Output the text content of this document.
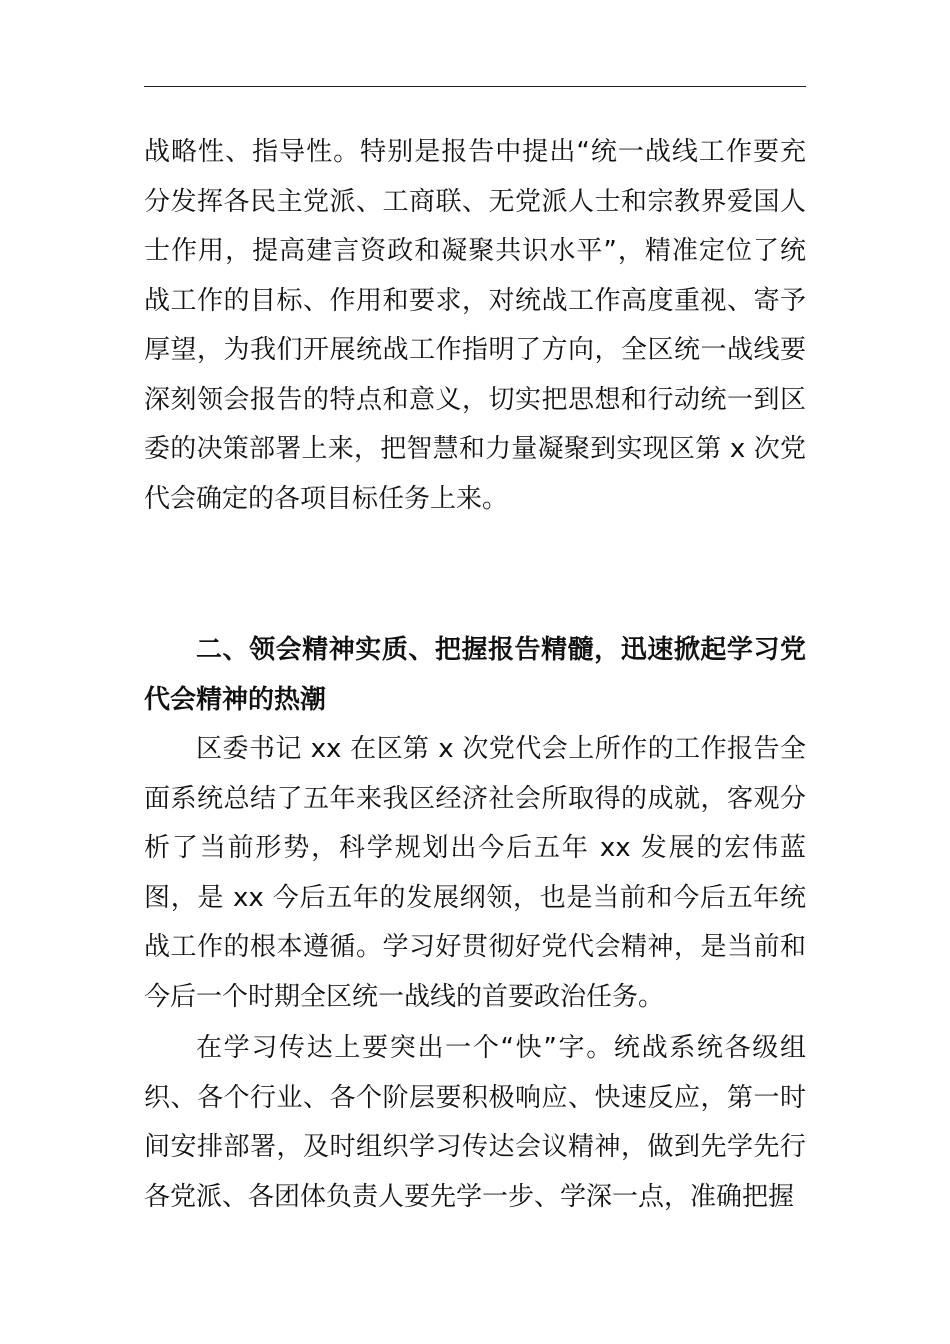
战略性、指导性。特别是报告中提出“统一战线工作要充分发挥各民主党派、工商联、无党派人士和宗教界爱国人士作用，提高建言资政和凝聚共识水平”，精准定位了统战工作的目标、作用和要求，对统战工作高度重视、寄予厚望，为我们开展统战工作指明了方向，全区统一战线要深刻领会报告的特点和意义，切实把思想和行动统一到区委的决策部署上来，把智慧和力量凝聚到实现区第 x 次党代会确定的各项目标任务上来。

二、领会精神实质、把握报告精髓，迅速掀起学习党代会精神的热潮

区委书记 xx 在区第 x 次党代会上所作的工作报告全面系统总结了五年来我区经济社会所取得的成就，客观分析了当前形势，科学规划出今后五年 xx 发展的宏伟蓝图，是 xx 今后五年的发展纲领，也是当前和今后五年统战工作的根本遵循。学习好贯彻好党代会精神，是当前和今后一个时期全区统一战线的首要政治任务。

在学习传达上要突出一个“快”字。统战系统各级组织、各个行业、各个阶层要积极响应、快速反应，第一时间安排部署，及时组织学习传达会议精神，做到先学先行各党派、各团体负责人要先学一步、学深一点，准确把握
